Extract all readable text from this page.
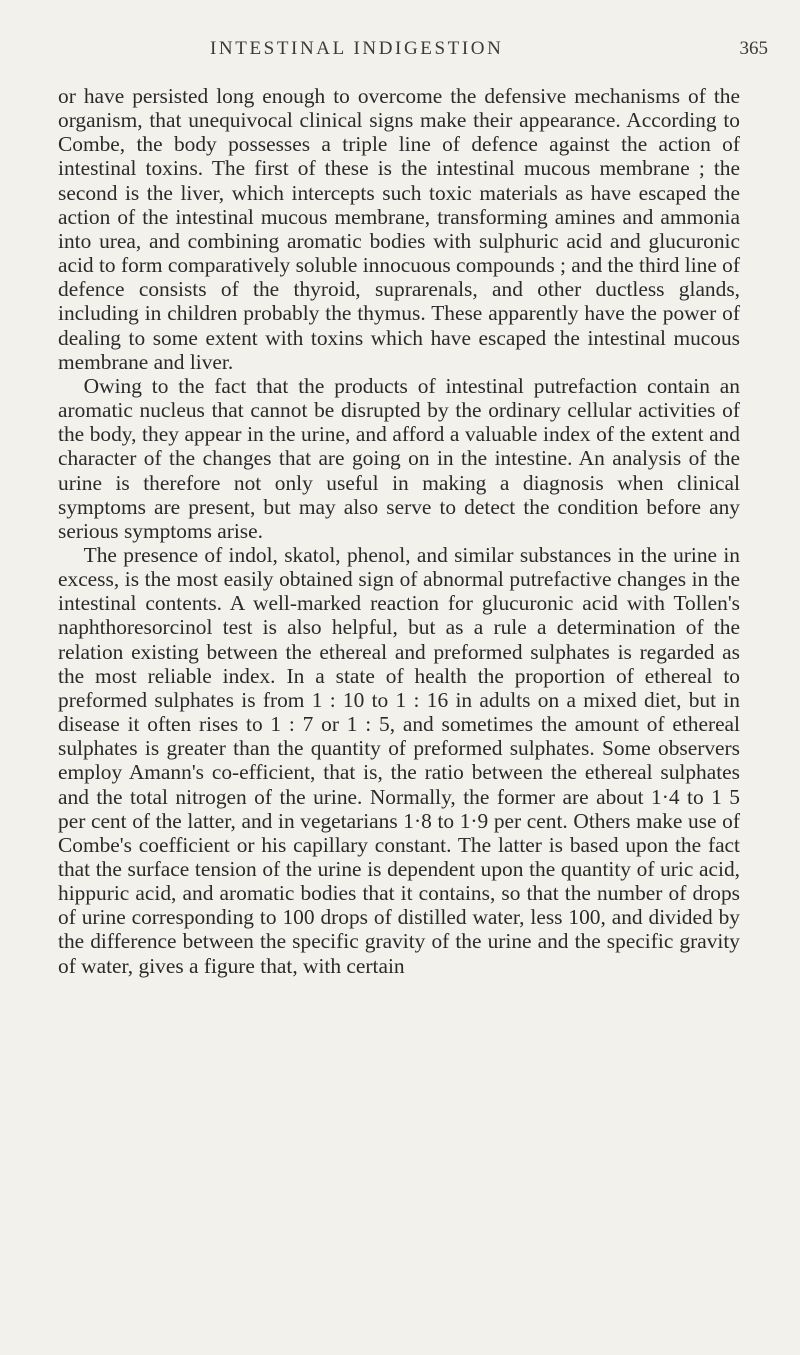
INTESTINAL INDIGESTION	365

or have persisted long enough to overcome the defensive mechanisms of the organism, that unequivocal clinical signs make their appearance. According to Combe, the body possesses a triple line of defence against the action of intestinal toxins. The first of these is the intestinal mucous membrane ; the second is the liver, which intercepts such toxic materials as have escaped the action of the intestinal mucous membrane, transforming amines and ammonia into urea, and combining aromatic bodies with sulphuric acid and glucuronic acid to form comparatively soluble innocuous compounds ; and the third line of defence consists of the thyroid, suprarenals, and other ductless glands, including in children probably the thymus. These apparently have the power of dealing to some extent with toxins which have escaped the intestinal mucous membrane and liver.

Owing to the fact that the products of intestinal putrefaction contain an aromatic nucleus that cannot be disrupted by the ordinary cellular activities of the body, they appear in the urine, and afford a valuable index of the extent and character of the changes that are going on in the intestine. An analysis of the urine is therefore not only useful in making a diagnosis when clinical symptoms are present, but may also serve to detect the condition before any serious symptoms arise.

The presence of indol, skatol, phenol, and similar substances in the urine in excess, is the most easily obtained sign of abnormal putrefactive changes in the intestinal contents. A well-marked reaction for glucuronic acid with Tollen's naphthoresorcinol test is also helpful, but as a rule a determination of the relation existing between the ethereal and preformed sulphates is regarded as the most reliable index. In a state of health the proportion of ethereal to preformed sulphates is from 1 : 10 to 1 : 16 in adults on a mixed diet, but in disease it often rises to 1 : 7 or 1 : 5, and sometimes the amount of ethereal sulphates is greater than the quantity of preformed sulphates. Some observers employ Amann's co-efficient, that is, the ratio between the ethereal sulphates and the total nitrogen of the urine. Normally, the former are about 1·4 to 1 5 per cent of the latter, and in vegetarians 1·8 to 1·9 per cent. Others make use of Combe's coefficient or his capillary constant. The latter is based upon the fact that the surface tension of the urine is dependent upon the quantity of uric acid, hippuric acid, and aromatic bodies that it contains, so that the number of drops of urine corresponding to 100 drops of distilled water, less 100, and divided by the difference between the specific gravity of the urine and the specific gravity of water, gives a figure that, with certain
